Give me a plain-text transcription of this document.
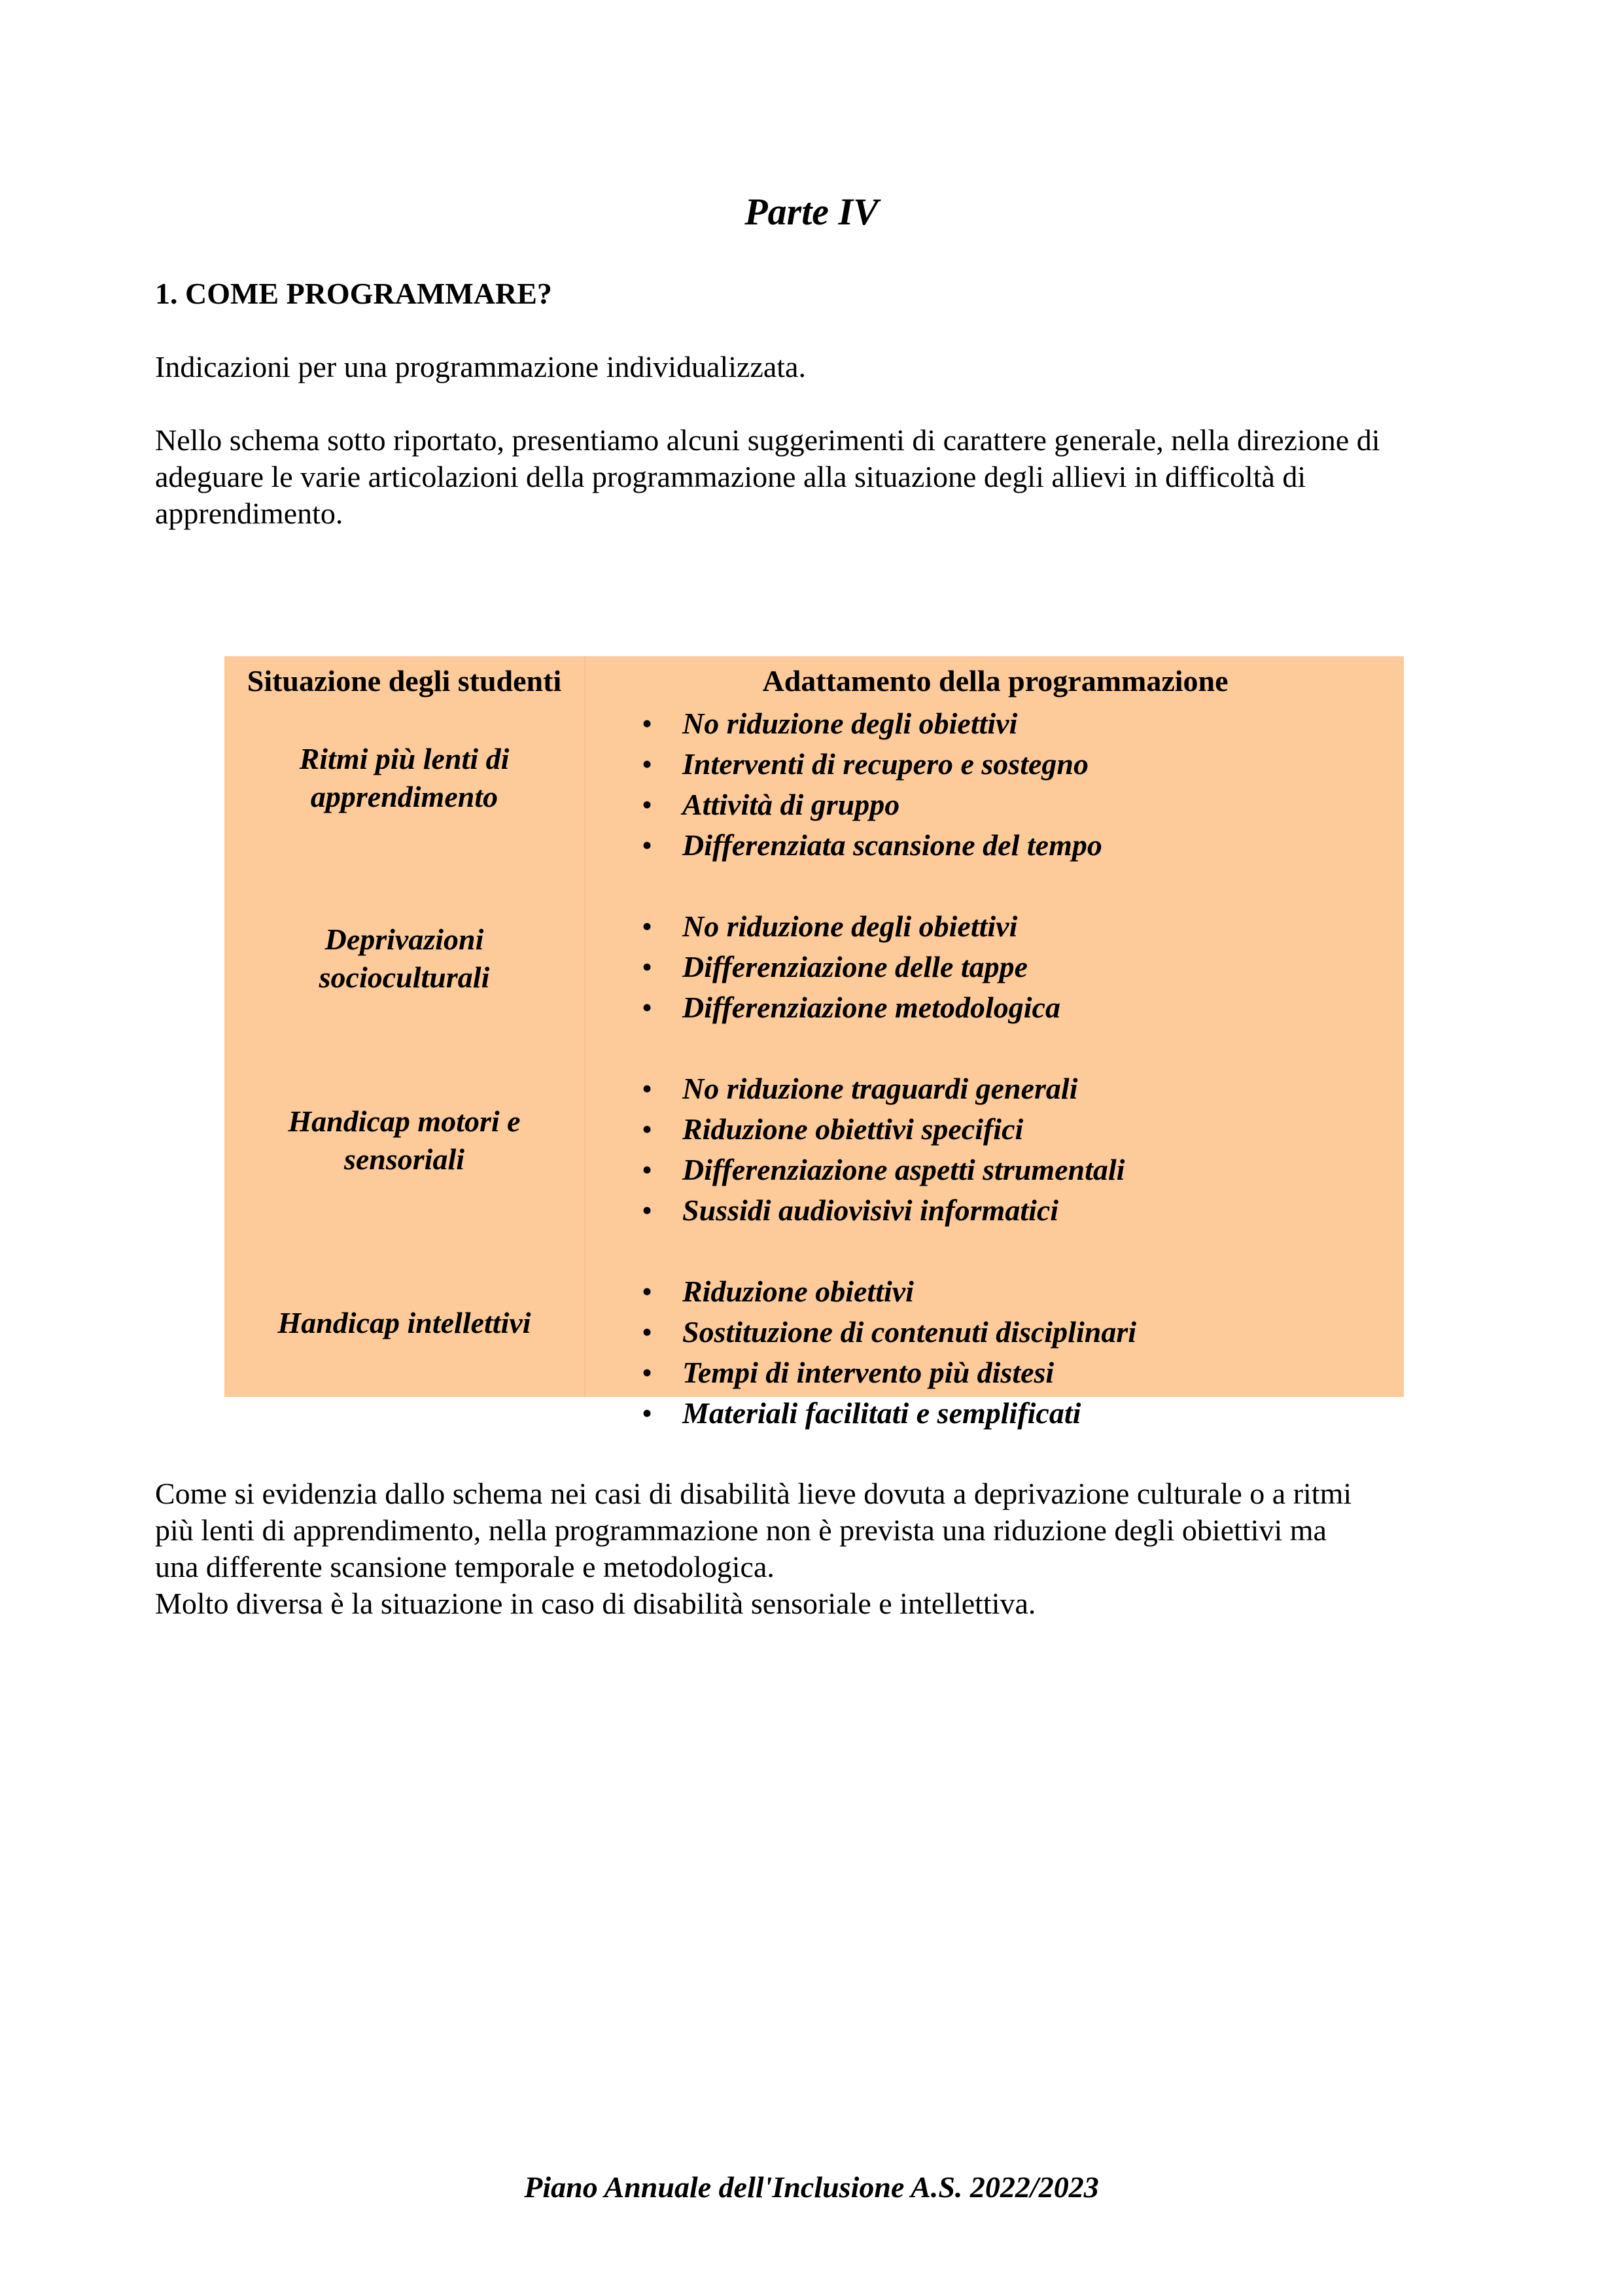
Parte IV
1. COME PROGRAMMARE?
Indicazioni per una programmazione individualizzata.
Nello schema sotto riportato, presentiamo alcuni suggerimenti di carattere generale, nella direzione di adeguare le varie articolazioni della programmazione alla situazione degli allievi in difficoltà di apprendimento.
Situazione degli studenti
Ritmi più lenti di
apprendimento
Deprivazioni
socioculturali
Handicap motori e
sensoriali
Handicap intellettivi
Adattamento della programmazione
• No riduzione degli obiettivi
• Interventi di recupero e sostegno
• Attività di gruppo
• Differenziata scansione del tempo
• No riduzione degli obiettivi
• Differenziazione delle tappe
• Differenziazione metodologica
• No riduzione traguardi generali
• Riduzione obiettivi specifici
• Differenziazione aspetti strumentali
• Sussidi audiovisivi informatici
• Riduzione obiettivi
• Sostituzione di contenuti disciplinari
• Tempi di intervento più distesi
• Materiali facilitati e semplificati
Come si evidenzia dallo schema nei casi di disabilità lieve dovuta a deprivazione culturale o a ritmi
più lenti di apprendimento, nella programmazione non è prevista una riduzione degli obiettivi ma
una differente scansione temporale e metodologica.
Molto diversa è la situazione in caso di disabilità sensoriale e intellettiva.
Piano Annuale dell'Inclusione A.S. 2022/2023
